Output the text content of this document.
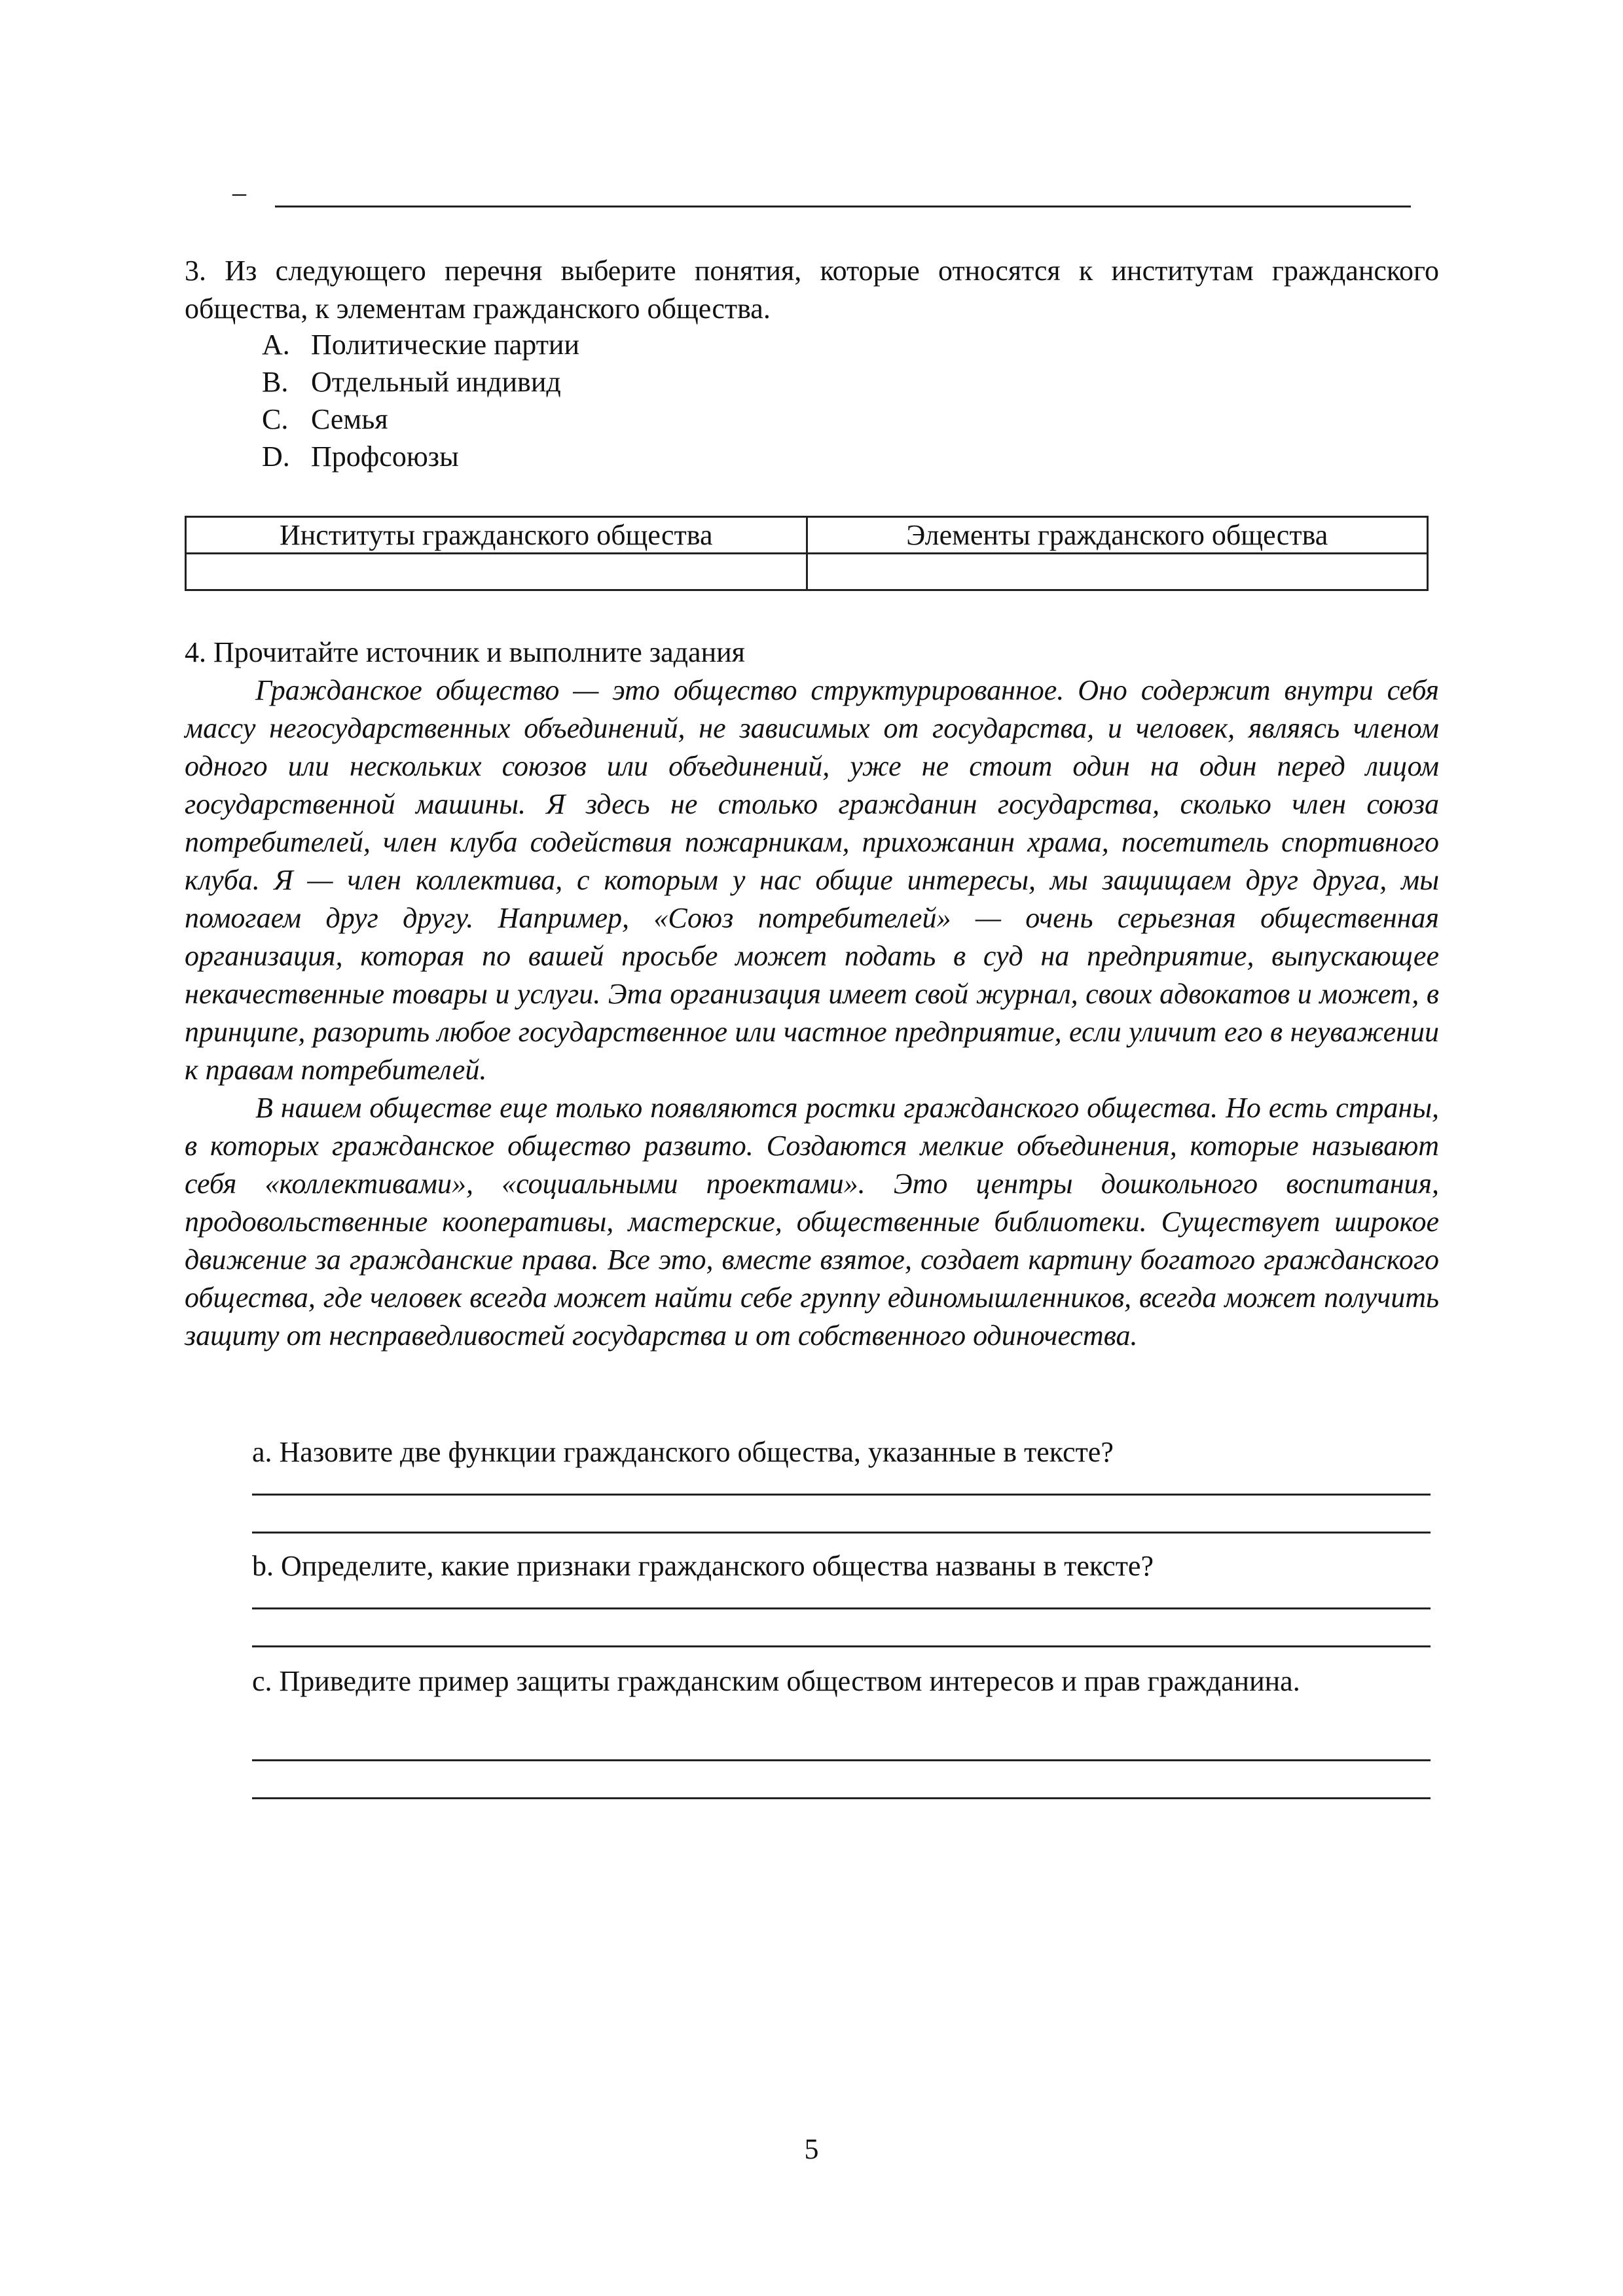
–
3. Из следующего перечня выберите понятия, которые относятся к институтам гражданского общества, к элементам гражданского общества.
A. Политические партии
B. Отдельный индивид
C. Семья
D. Профсоюзы
Институты гражданского общества	Элементы гражданского общества

4. Прочитайте источник и выполните задания

Гражданское общество — это общество структурированное. Оно содержит внутри себя массу негосударственных объединений, не зависимых от государства, и человек, являясь членом одного или нескольких союзов или объединений, уже не стоит один на один перед лицом государственной машины. Я здесь не столько гражданин государства, сколько член союза потребителей, член клуба содействия пожарникам, прихожанин храма, посетитель спортивного клуба. Я — член коллектива, с которым у нас общие интересы, мы защищаем друг друга, мы помогаем друг другу. Например, «Союз потребителей» — очень серьезная общественная организация, которая по вашей просьбе может подать в суд на предприятие, выпускающее некачественные товары и услуги. Эта организация имеет свой журнал, своих адвокатов и может, в принципе, разорить любое государственное или частное предприятие, если уличит его в неуважении к правам потребителей.

В нашем обществе еще только появляются ростки гражданского общества. Но есть страны, в которых гражданское общество развито. Создаются мелкие объединения, которые называют себя «коллективами», «социальными проектами». Это центры дошкольного воспитания, продовольственные кооперативы, мастерские, общественные библиотеки. Существует широкое движение за гражданские права. Все это, вместе взятое, создает картину богатого гражданского общества, где человек всегда может найти себе группу единомышленников, всегда может получить защиту от несправедливостей государства и от собственного одиночества.

a. Назовите две функции гражданского общества, указанные в тексте?
b. Определите, какие признаки гражданского общества названы в тексте?
c. Приведите пример защиты гражданским обществом интересов и прав гражданина.
5
